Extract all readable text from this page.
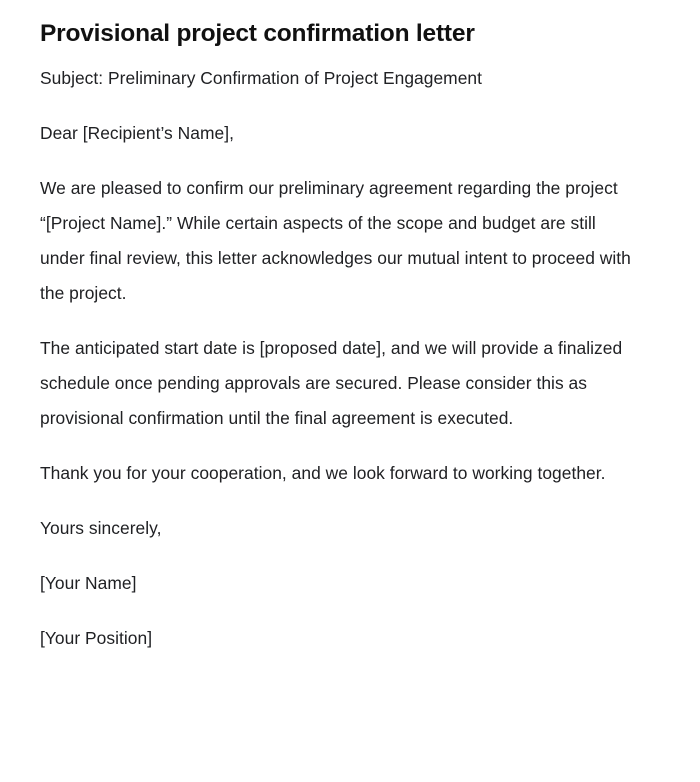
Provisional project confirmation letter

Subject: Preliminary Confirmation of Project Engagement

Dear [Recipient’s Name],

We are pleased to confirm our preliminary agreement regarding the project “[Project Name].” While certain aspects of the scope and budget are still under final review, this letter acknowledges our mutual intent to proceed with the project.

The anticipated start date is [proposed date], and we will provide a finalized schedule once pending approvals are secured. Please consider this as provisional confirmation until the final agreement is executed.

Thank you for your cooperation, and we look forward to working together.

Yours sincerely,

[Your Name]

[Your Position]
